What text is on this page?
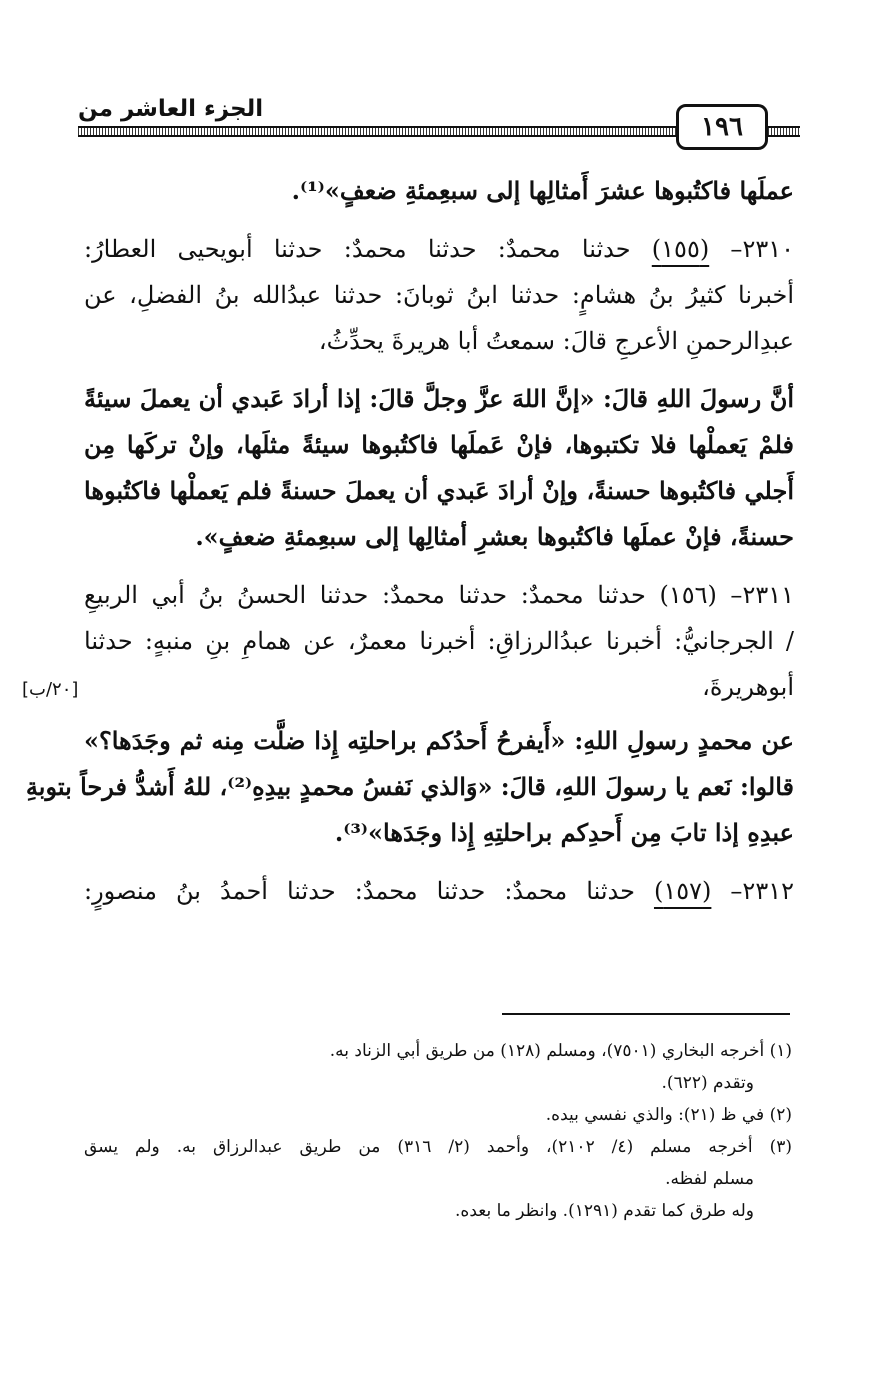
الجزء العاشر من
١٩٦
عملَها فاكتُبوها عشرَ أَمثالِها إلى سبعِمئةِ ضعفٍ»⁽¹⁾.
٢٣١٠– (١٥٥) حدثنا محمدٌ: حدثنا محمدٌ: حدثنا أبويحيى العطارُ:
أخبرنا كثيرُ بنُ هشامٍ: حدثنا ابنُ ثوبانَ: حدثنا عبدُالله بنُ الفضلِ، عن
عبدِالرحمنِ الأعرجِ قالَ: سمعتُ أبا هريرةَ يحدِّثُ،
أنَّ رسولَ اللهِ قالَ: «إنَّ اللهَ عزَّ وجلَّ قالَ: إذا أرادَ عَبدي أن يعملَ سيئةً
فلمْ يَعملْها فلا تكتبوها، فإنْ عَملَها فاكتُبوها سيئةً مثلَها، وإنْ تركَها مِن
أَجلي فاكتُبوها حسنةً، وإنْ أرادَ عَبدي أن يعملَ حسنةً فلم يَعملْها فاكتُبوها
حسنةً، فإنْ عملَها فاكتُبوها بعشرِ أمثالِها إلى سبعِمئةِ ضعفٍ».
٢٣١١– (١٥٦) حدثنا محمدٌ: حدثنا محمدٌ: حدثنا الحسنُ بنُ أبي الربيعِ
/ الجرجانيُّ: أخبرنا عبدُالرزاقِ: أخبرنا معمرٌ، عن همامِ بنِ منبهٍ: حدثنا
أبوهريرةَ،
عن محمدٍ رسولِ اللهِ: «أَيفرحُ أَحدُكم براحلتِه إِذا ضلَّت مِنه ثم وجَدَها؟»
قالوا: نَعم يا رسولَ اللهِ، قالَ: «وَالذي نَفسُ محمدٍ بيدِهِ⁽²⁾، للهُ أَشدُّ فرحاً بتوبةِ
عبدِهِ إذا تابَ مِن أَحدِكم براحلتِهِ إِذا وجَدَها»⁽³⁾.
٢٣١٢– (١٥٧) حدثنا محمدٌ: حدثنا محمدٌ: حدثنا أحمدُ بنُ منصورٍ:
[٢٠/ب]
(١) أخرجه البخاري (٧٥٠١)، ومسلم (١٢٨) من طريق أبي الزناد به.
وتقدم (٦٢٢).
(٢) في ظ (٢١): والذي نفسي بيده.
(٣) أخرجه مسلم (٤/ ٢١٠٢)، وأحمد (٢/ ٣١٦) من طريق عبدالرزاق به. ولم يسق
مسلم لفظه.
وله طرق كما تقدم (١٢٩١). وانظر ما بعده.
